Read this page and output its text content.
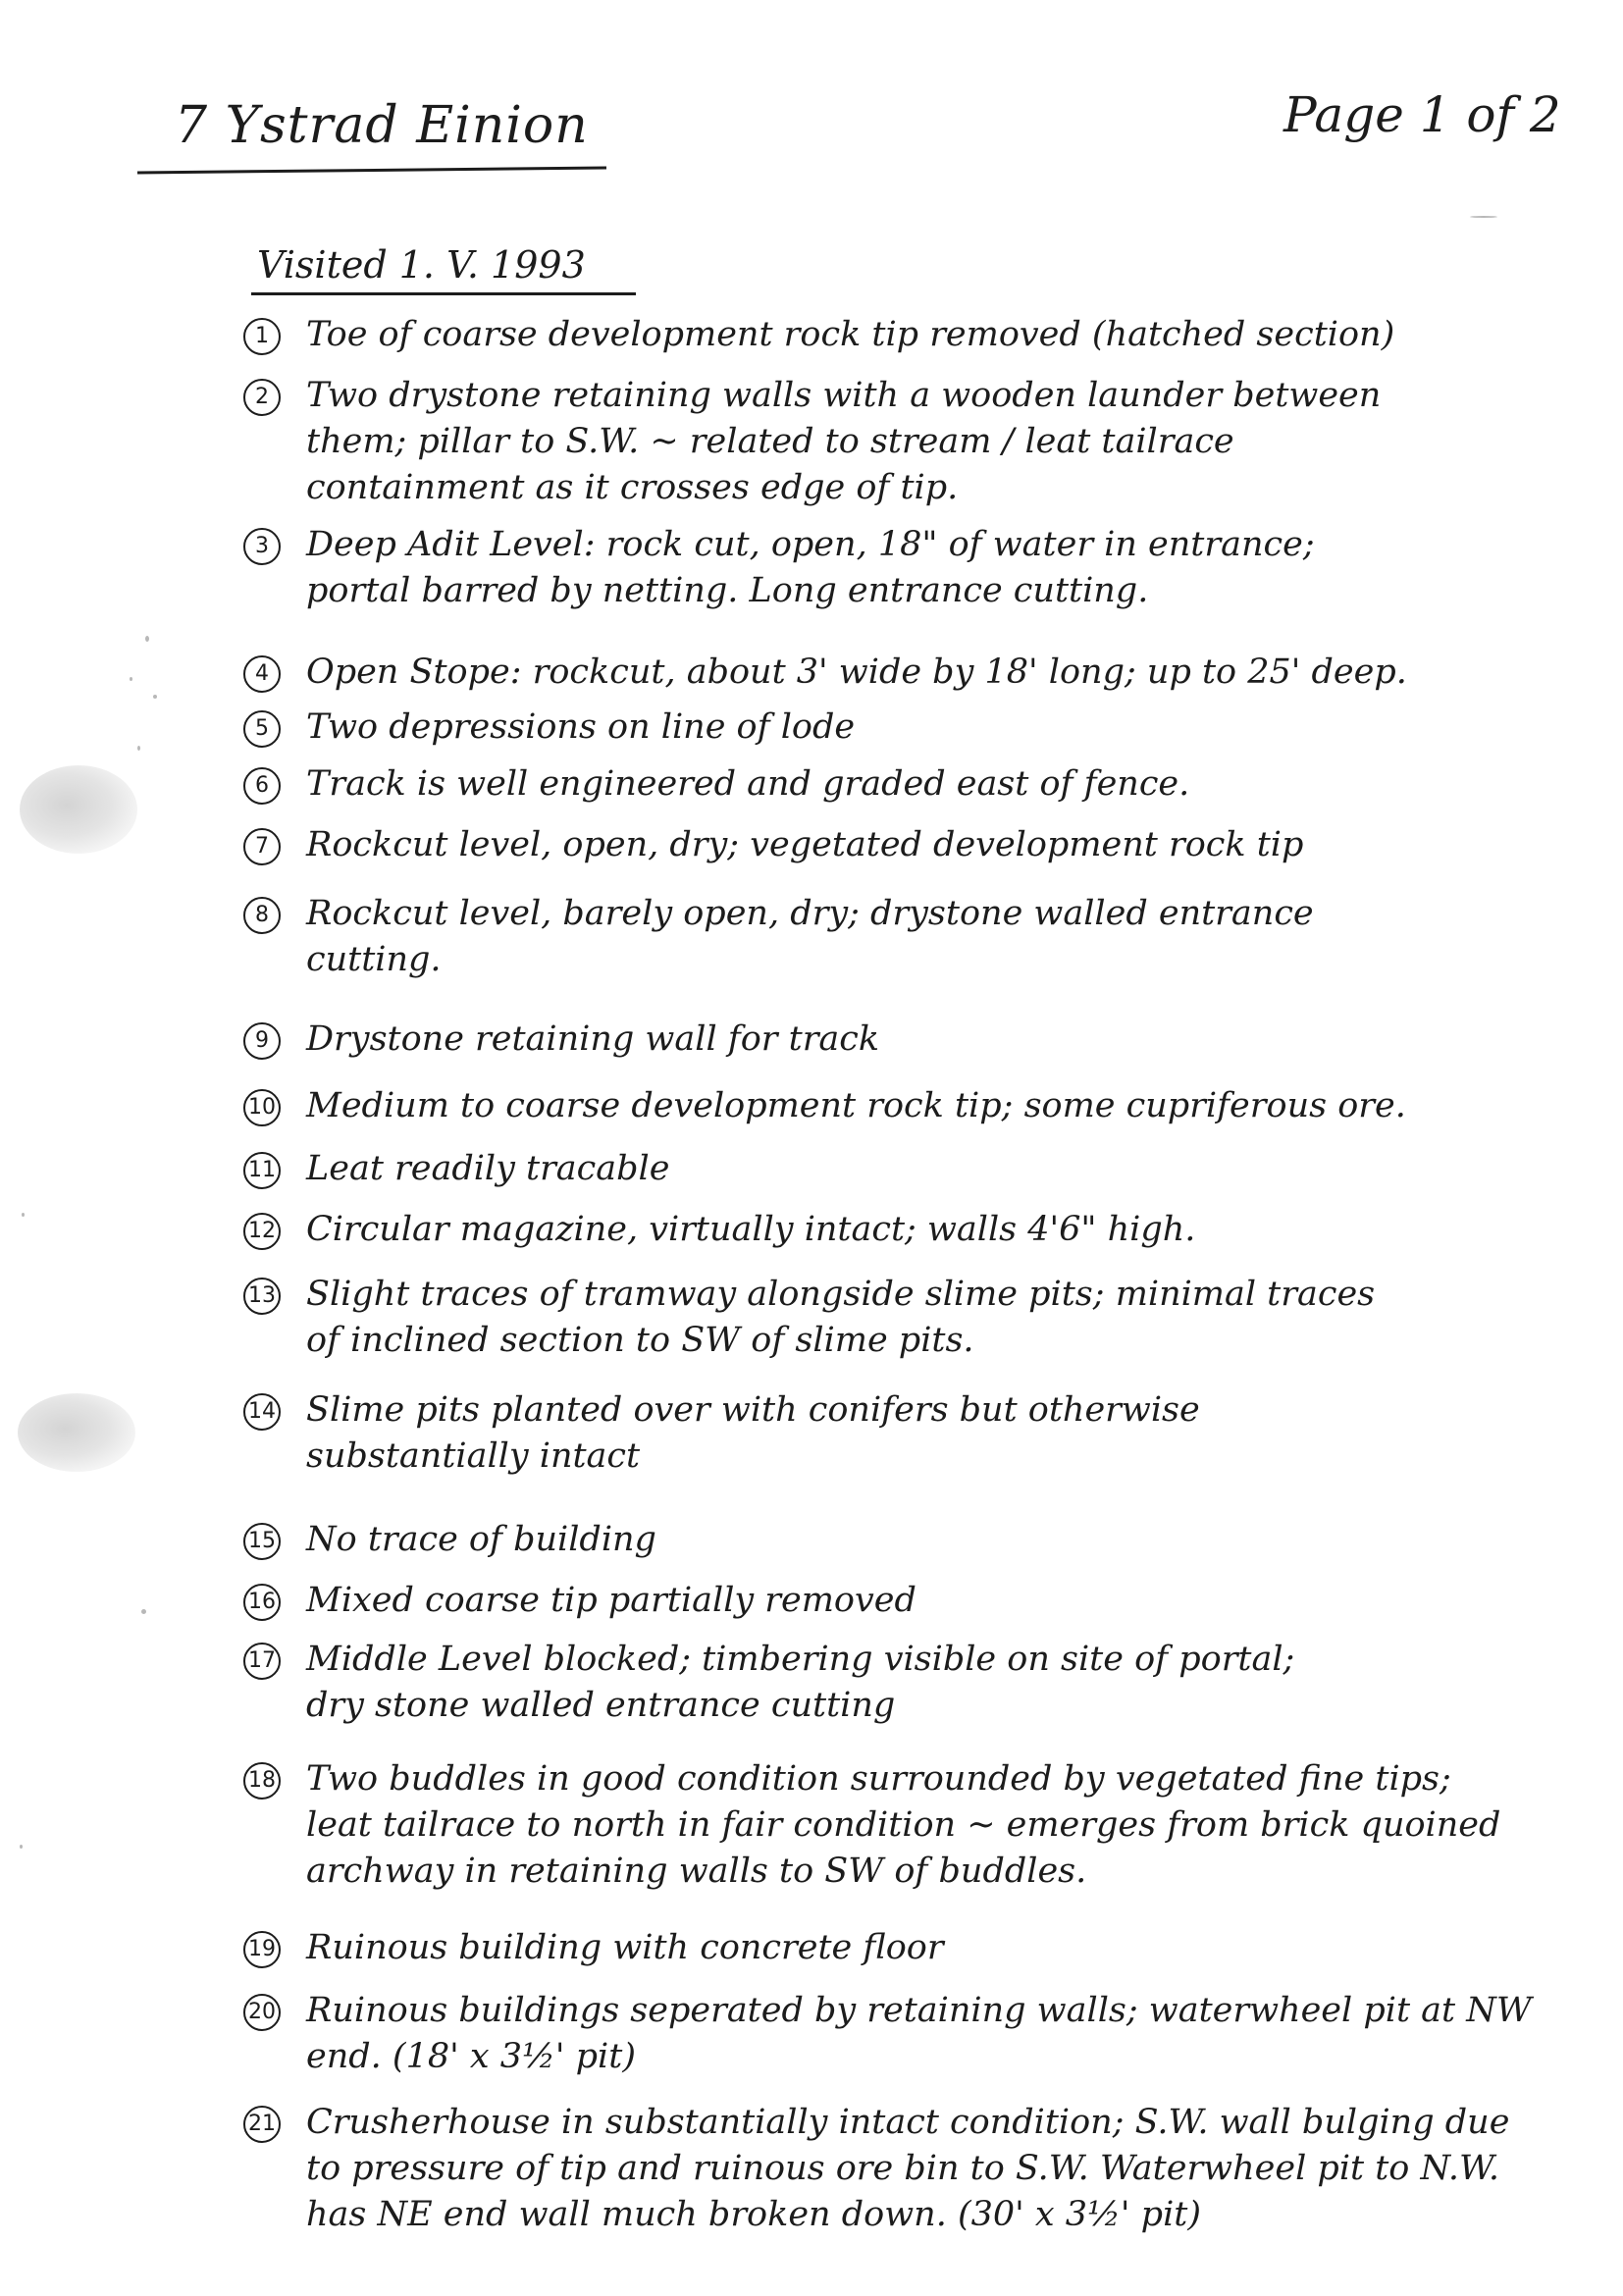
7 Ystrad Einion	Page 1 of 2
Visited 1. V. 1993
1	Toe of coarse development rock tip removed (hatched section)
2	Two drystone retaining walls with a wooden launder between
them; pillar to S.W. ~ related to stream / leat tailrace
containment as it crosses edge of tip.
3	Deep Adit Level: rock cut, open, 18" of water in entrance;
portal barred by netting. Long entrance cutting.
4	Open Stope: rockcut, about 3' wide by 18' long; up to 25' deep.
5	Two depressions on line of lode
6	Track is well engineered and graded east of fence.
7	Rockcut level, open, dry; vegetated development rock tip
8	Rockcut level, barely open, dry; drystone walled entrance
cutting.
9	Drystone retaining wall for track
10 Medium to coarse development rock tip; some cupriferous ore.
11 Leat readily tracable
12 Circular magazine, virtually intact; walls 4'6" high.
13 Slight traces of tramway alongside slime pits; minimal traces
of inclined section to SW of slime pits.
14 Slime pits planted over with conifers but otherwise
substantially intact
15 No trace of building
16 Mixed coarse tip partially removed
17 Middle Level blocked; timbering visible on site of portal;
dry stone walled entrance cutting
18 Two buddles in good condition surrounded by vegetated fine tips;
leat tailrace to north in fair condition ~ emerges from brick quoined
archway in retaining walls to SW of buddles.
19 Ruinous building with concrete floor
20 Ruinous buildings seperated by retaining walls; waterwheel pit at NW
end. (18' x 3½' pit)
21 Crusherhouse in substantially intact condition; S.W. wall bulging due
to pressure of tip and ruinous ore bin to S.W. Waterwheel pit to N.W.
has NE end wall much broken down. (30' x 3½' pit)
